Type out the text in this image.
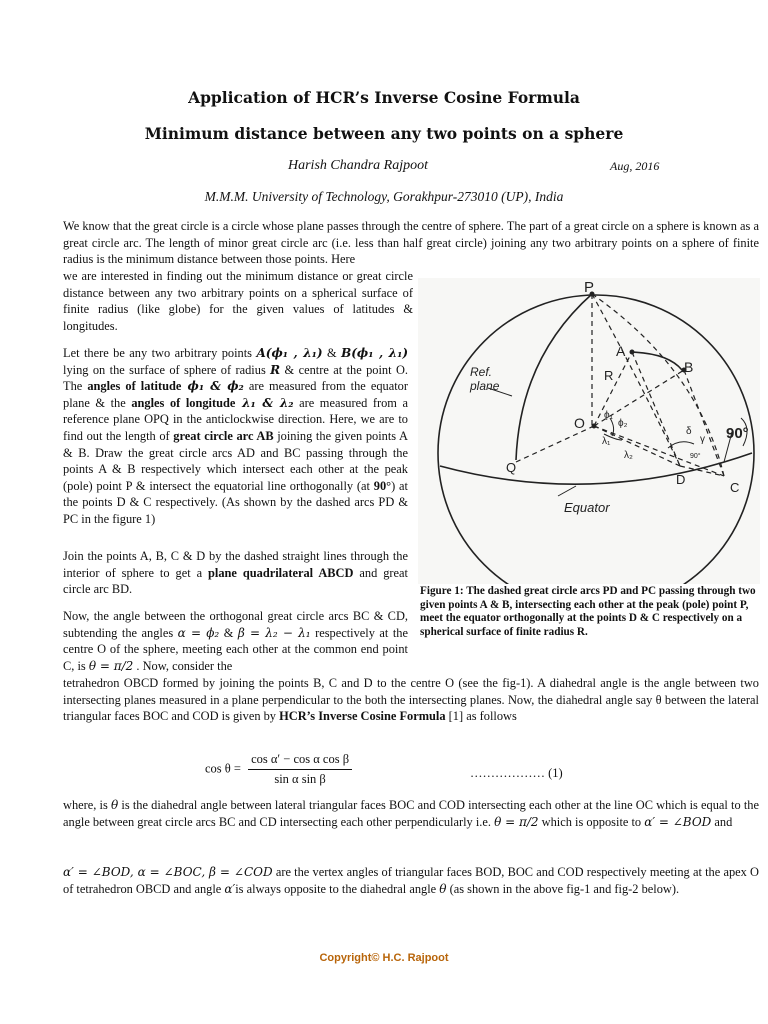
Application of HCR’s Inverse Cosine Formula
Minimum distance between any two points on a sphere
Harish Chandra Rajpoot	Aug, 2016
M.M.M. University of Technology, Gorakhpur-273010 (UP), India

We know that the great circle is a circle whose plane passes through the centre of sphere. The part of a great circle on a sphere is known as a great circle arc. The length of minor great circle arc (i.e. less than half great circle) joining any two arbitrary points on a sphere of finite radius is the minimum distance between those points. Here

we are interested in finding out the minimum distance or great circle distance between any two arbitrary points on a spherical surface of finite radius (like globe) for the given values of latitudes & longitudes.

Let there be any two arbitrary points A(ϕ₁ , λ₁) & B(ϕ₁ , λ₁) lying on the surface of sphere of radius R & centre at the point O. The angles of latitude ϕ₁ & ϕ₂ are measured from the equator plane & the angles of longitude λ₁ & λ₂ are measured from a reference plane OPQ in the anticlockwise direction. Here, we are to find out the length of great circle arc AB joining the given points A & B. Draw the great circle arcs AD and BC passing through the points A & B respectively which intersect each other at the peak (pole) point P & intersect the equatorial line orthogonally (at 90°) at the points D & C respectively. (As shown by the dashed arcs PD & PC in the figure 1)

Join the points A, B, C & D by the dashed straight lines through the interior of sphere to get a plane quadrilateral ABCD and great circle arc BD.

Now, the angle between the orthogonal great circle arcs BC & CD, subtending the angles α = ϕ₂ & β = λ₂ − λ₁ respectively at the centre O of the sphere, meeting each other at the common end point C, is θ = π/2 . Now, consider the

tetrahedron OBCD formed by joining the points B, C and D to the centre O (see the fig-1). A diahedral angle is the angle between two intersecting planes measured in a plane perpendicular to the both the intersecting planes. Now, the diahedral angle say θ between the lateral triangular faces BOC and COD is given by HCR’s Inverse Cosine Formula [1] as follows

$\cos \theta = \frac{\text{cos α′ − cos α cos β}}{\text{sin α sin β}}$	……………… (1)

where, is θ is the diahedral angle between lateral triangular faces BOC and COD intersecting each other at the line OC which is equal to the angle between great circle arcs BC and CD intersecting each other perpendicularly i.e. θ = π/2 which is opposite to α′ = ∠BOD and

α′ = ∠BOD, α = ∠BOC, β = ∠COD are the vertex angles of triangular faces BOD, BOC and COD respectively meeting at the apex O of tetrahedron OBCD and angle α′is always opposite to the diahedral angle θ (as shown in the above fig-1 and fig-2 below).

P
A
B
R
O
Q
D
C
Ref.
plane
Equator
ϕ₁
ϕ₂
λ₁
λ₂
δ
γ 90°
90°
Figure 1: The dashed great circle arcs PD and PC passing through two given points A & B, intersecting each other at the peak (pole) point P, meet the equator orthogonally at the points D & C respectively on a spherical surface of finite radius R.
Copyright© H.C. Rajpoot
